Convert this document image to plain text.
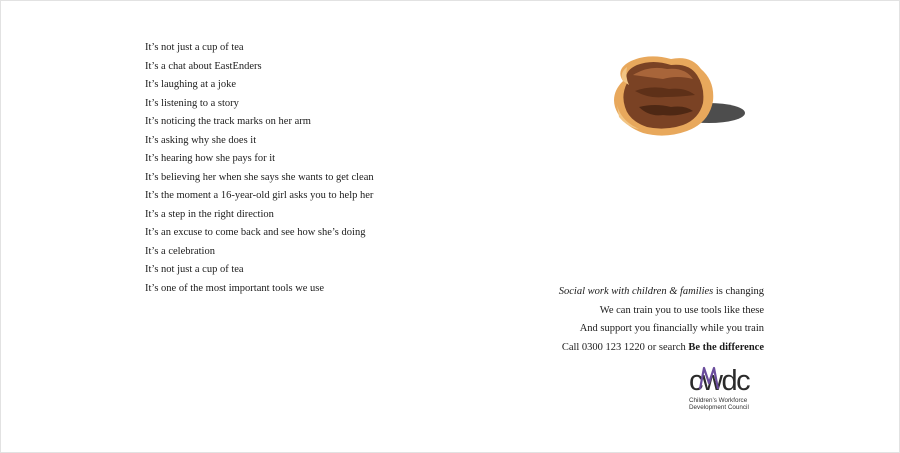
It’s not just a cup of tea
It’s a chat about EastEnders
It’s laughing at a joke
It’s listening to a story
It’s noticing the track marks on her arm
It’s asking why she does it
It’s hearing how she pays for it
It’s believing her when she says she wants to get clean
It’s the moment a 16-year-old girl asks you to help her
It’s a step in the right direction
It’s an excuse to come back and see how she’s doing
It’s a celebration
It’s not just a cup of tea
It’s one of the most important tools we use	Social work with children & families is changing
We can train you to use tools like these
And support you financially while you train
Call 0300 123 1220 or search Be the difference
cwdc
Children’s Workforce
Development Council
